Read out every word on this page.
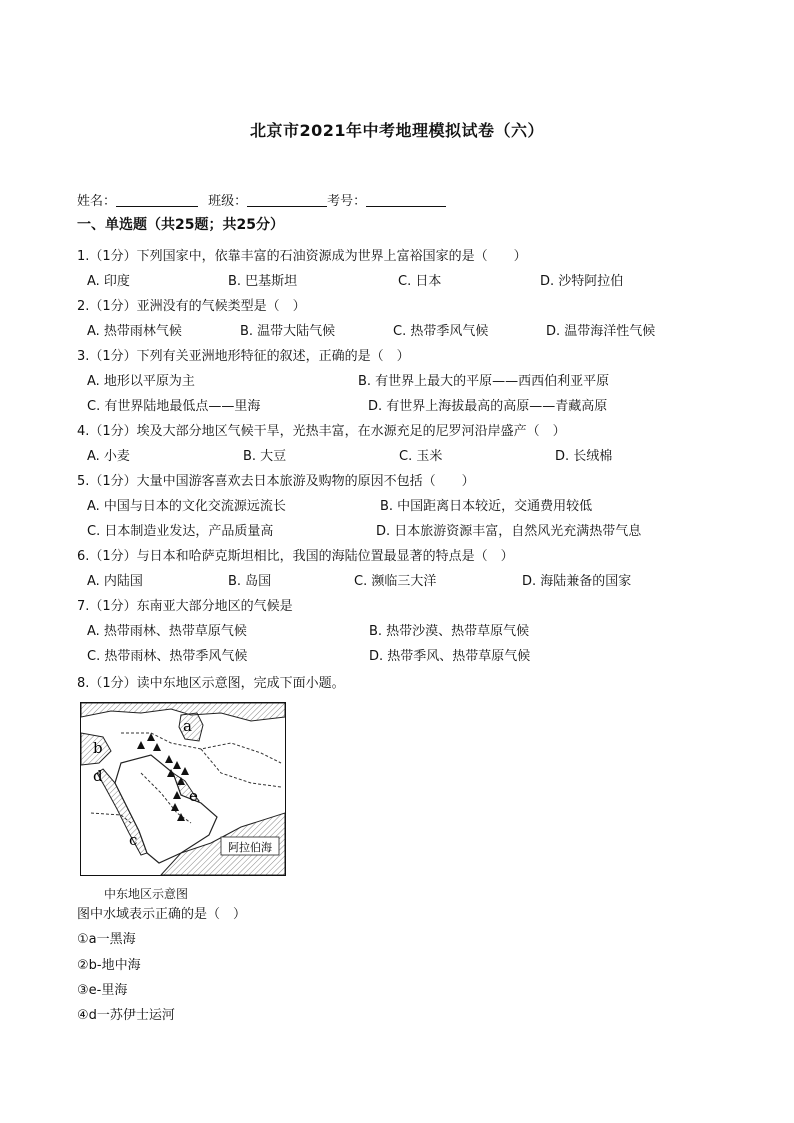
北京市2021年中考地理模拟试卷（六）
姓名：	班级：	考号：
一、单选题（共25题；共25分）
1.（1分）下列国家中，依靠丰富的石油资源成为世界上富裕国家的是（　　）
A. 印度	B. 巴基斯坦	C. 日本	D. 沙特阿拉伯
2.（1分）亚洲没有的气候类型是（　）
A. 热带雨林气候	B. 温带大陆气候	C. 热带季风气候	D. 温带海洋性气候
3.（1分）下列有关亚洲地形特征的叙述，正确的是（　）
A. 地形以平原为主	B. 有世界上最大的平原——西西伯利亚平原
C. 有世界陆地最低点——里海	D. 有世界上海拔最高的高原——青藏高原
4.（1分）埃及大部分地区气候干旱，光热丰富，在水源充足的尼罗河沿岸盛产（　）
A. 小麦	B. 大豆	C. 玉米	D. 长绒棉
5.（1分）大量中国游客喜欢去日本旅游及购物的原因不包括（　　）
A. 中国与日本的文化交流源远流长	B. 中国距离日本较近，交通费用较低
C. 日本制造业发达，产品质量高	D. 日本旅游资源丰富，自然风光充满热带气息
6.（1分）与日本和哈萨克斯坦相比，我国的海陆位置最显著的特点是（　）
A. 内陆国	B. 岛国	C. 濒临三大洋	D. 海陆兼备的国家
7.（1分）东南亚大部分地区的气候是
A. 热带雨林、热带草原气候	B. 热带沙漠、热带草原气候
C. 热带雨林、热带季风气候	D. 热带季风、热带草原气候
8.（1分）读中东地区示意图，完成下面小题。
a
b
d
e
c	阿拉伯海
中东地区示意图
图中水域表示正确的是（　）
①a一黑海
②b-地中海
③e-里海
④d一苏伊士运河
